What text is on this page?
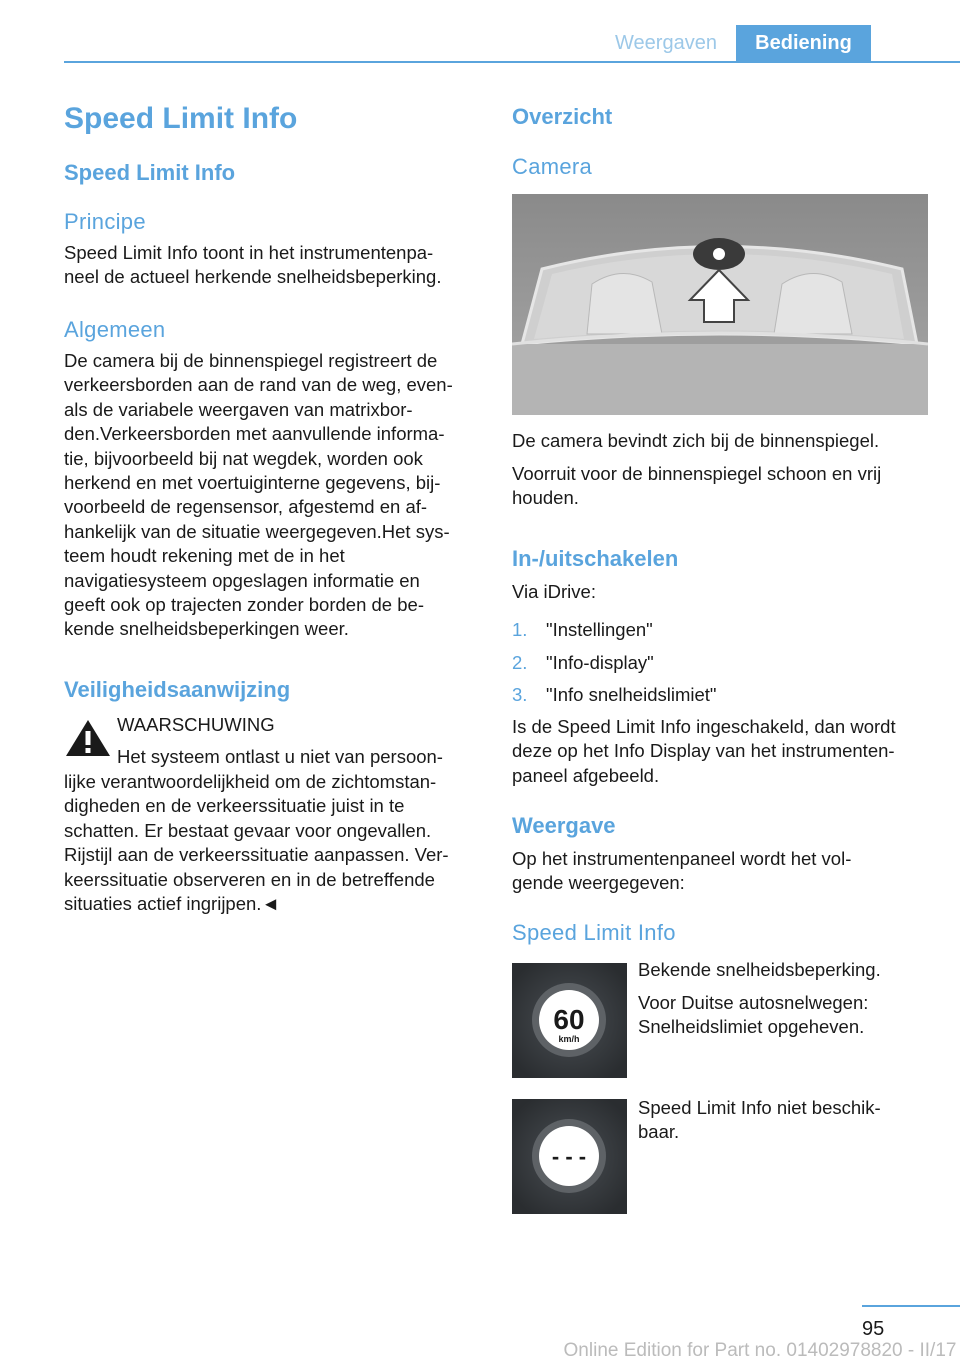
Weergaven	Bediening
Speed Limit Info
Speed Limit Info
Principe
Speed Limit Info toont in het instrumentenpa‐
neel de actueel herkende snelheidsbeperking.
Algemeen
De camera bij de binnenspiegel registreert de
verkeersborden aan de rand van de weg, even‐
als de variabele weergaven van matrixbor‐
den.Verkeersborden met aanvullende informa‐
tie, bijvoorbeeld bij nat wegdek, worden ook
herkend en met voertuiginterne gegevens, bij‐
voorbeeld de regensensor, afgestemd en af‐
hankelijk van de situatie weergegeven.Het sys‐
teem houdt rekening met de in het
navigatiesysteem opgeslagen informatie en
geeft ook op trajecten zonder borden de be‐
kende snelheidsbeperkingen weer.
Veiligheidsaanwijzing
WAARSCHUWING
Het systeem ontlast u niet van persoon‐
lijke verantwoordelijkheid om de zichtomstan‐
digheden en de verkeerssituatie juist in te
schatten. Er bestaat gevaar voor ongevallen.
Rijstijl aan de verkeerssituatie aanpassen. Ver‐
keerssituatie observeren en in de betreffende
situaties actief ingrijpen.◄
Overzicht
Camera
De camera bevindt zich bij de binnenspiegel.
Voorruit voor de binnenspiegel schoon en vrij
houden.
In-/uitschakelen
Via iDrive:
1.	"Instellingen"
2.	"Info-display"
3.	"Info snelheidslimiet"
Is de Speed Limit Info ingeschakeld, dan wordt
deze op het Info Display van het instrumenten‐
paneel afgebeeld.
Weergave
Op het instrumentenpaneel wordt het vol‐
gende weergegeven:
Speed Limit Info
60
km/h
Bekende snelheidsbeperking.
Voor Duitse autosnelwegen:
Snelheidslimiet opgeheven.
- - -
Speed Limit Info niet beschik‐
baar.
95
Online Edition for Part no. 01402978820 - II/17
